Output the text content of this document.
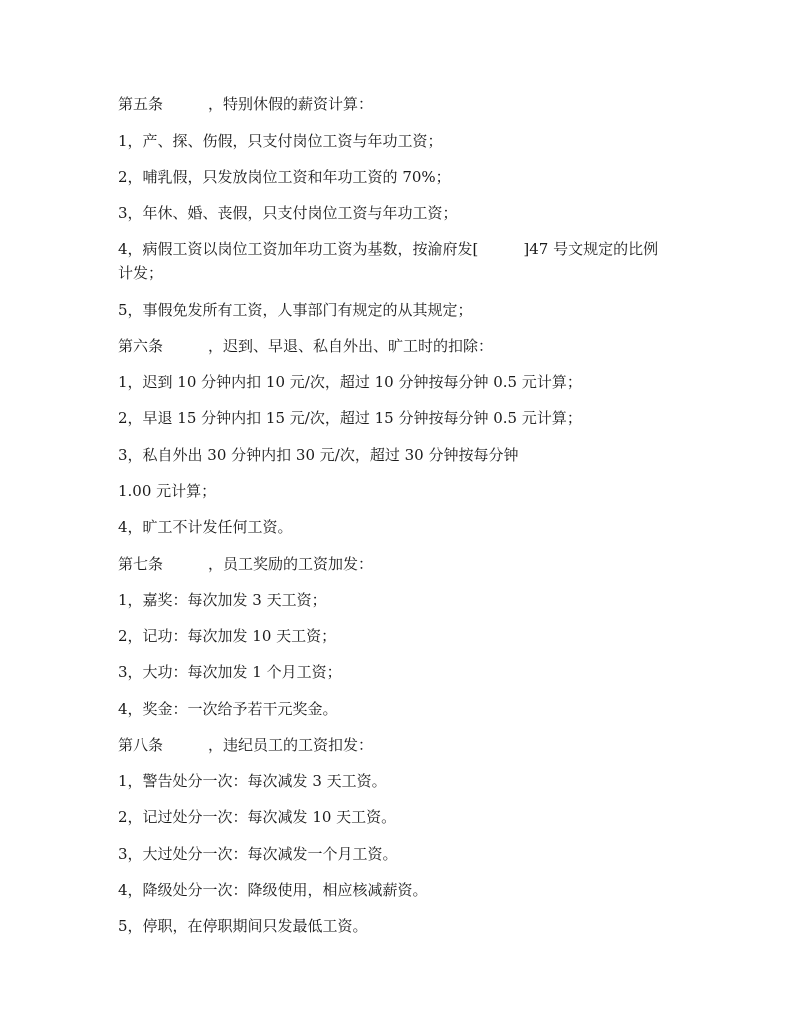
第五条　　　，特别休假的薪资计算：

1，产、探、伤假，只支付岗位工资与年功工资；

2，哺乳假，只发放岗位工资和年功工资的 70%；

3，年休、婚、丧假，只支付岗位工资与年功工资；

4，病假工资以岗位工资加年功工资为基数，按渝府发[　　　]47 号文规定的比例

计发；

5，事假免发所有工资，人事部门有规定的从其规定；

第六条　　　，迟到、早退、私自外出、旷工时的扣除：

1，迟到 10 分钟内扣 10 元/次，超过 10 分钟按每分钟 0.5 元计算；

2，早退 15 分钟内扣 15 元/次，超过 15 分钟按每分钟 0.5 元计算；

3，私自外出 30 分钟内扣 30 元/次，超过 30 分钟按每分钟

1.00 元计算；

4，旷工不计发任何工资。

第七条　　　，员工奖励的工资加发：

1，嘉奖：每次加发 3 天工资；

2，记功：每次加发 10 天工资；

3，大功：每次加发 1 个月工资；

4，奖金：一次给予若干元奖金。

第八条　　　，违纪员工的工资扣发：

1，警告处分一次：每次减发 3 天工资。

2，记过处分一次：每次减发 10 天工资。

3，大过处分一次：每次减发一个月工资。

4，降级处分一次：降级使用，相应核减薪资。

5，停职，在停职期间只发最低工资。
